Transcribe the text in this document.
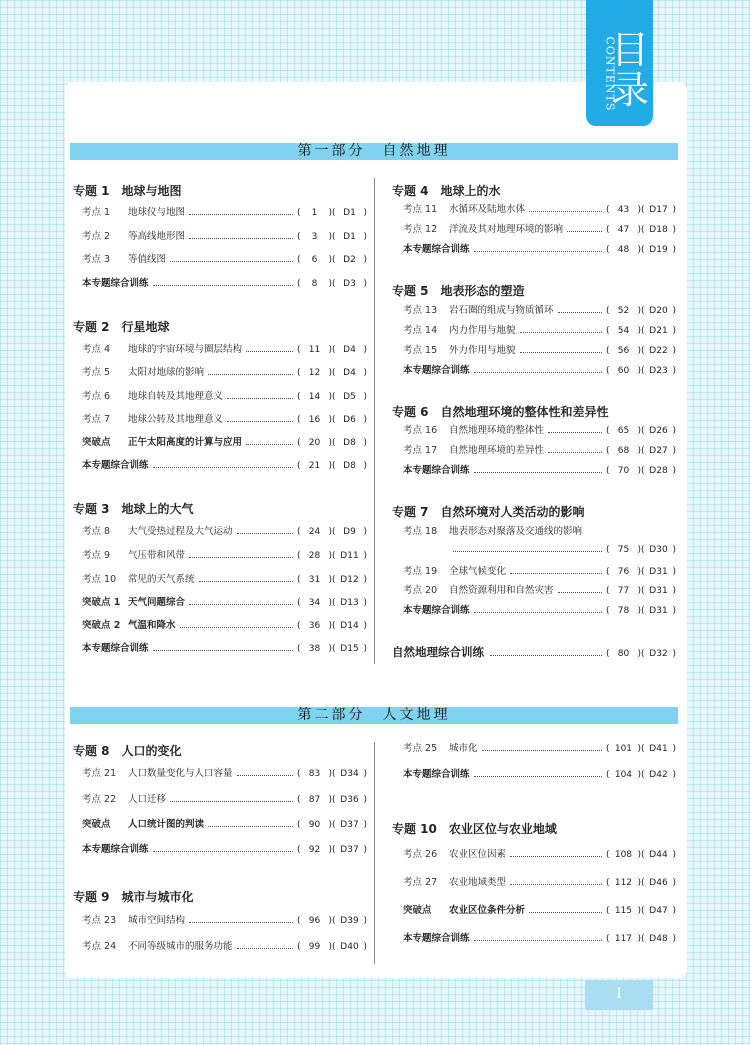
目录
CONTENTS
第一部分　自然地理
第二部分　人文地理
专题 1　地球与地图
考点 1	地球仪与地图	( 1 )( D1 )
考点 2	等高线地形图	( 3 )( D1 )
考点 3	等值线图	( 6 )( D2 )
本专题综合训练	( 8 )( D3 )
专题 2　行星地球
考点 4	地球的宇宙环境与圈层结构	( 11 )( D4 )
考点 5	太阳对地球的影响	( 12 )( D4 )
考点 6	地球自转及其地理意义	( 14 )( D5 )
考点 7	地球公转及其地理意义	( 16 )( D6 )
突破点	正午太阳高度的计算与应用	( 20 )( D8 )
本专题综合训练	( 21 )( D8 )
专题 3　地球上的大气
考点 8	大气受热过程及大气运动	( 24 )( D9 )
考点 9	气压带和风带	( 28 )( D11 )
考点 10	常见的天气系统	( 31 )( D12 )
突破点 1 天气问题综合	( 34 )( D13 )
突破点 2 气温和降水	( 36 )( D14 )
本专题综合训练	( 38 )( D15 )
专题 4　地球上的水
考点 11	水循环及陆地水体	( 43 )( D17 )
考点 12	洋流及其对地理环境的影响	( 47 )( D18 )
本专题综合训练	( 48 )( D19 )
专题 5　地表形态的塑造
考点 13	岩石圈的组成与物质循环	( 52 )( D20 )
考点 14	内力作用与地貌	( 54 )( D21 )
考点 15	外力作用与地貌	( 56 )( D22 )
本专题综合训练	( 60 )( D23 )
专题 6　自然地理环境的整体性和差异性
考点 16	自然地理环境的整体性	( 65 )( D26 )
考点 17	自然地理环境的差异性	( 68 )( D27 )
本专题综合训练	( 70 )( D28 )
专题 7　自然环境对人类活动的影响
考点 18	地表形态对聚落及交通线的影响
( 75 )( D30 )
考点 19	全球气候变化	( 76 )( D31 )
考点 20	自然资源利用和自然灾害	( 77 )( D31 )
本专题综合训练	( 78 )( D31 )
自然地理综合训练	( 80 )( D32 )
专题 8　人口的变化
考点 21	人口数量变化与人口容量	( 83 )( D34 )
考点 22	人口迁移	( 87 )( D36 )
突破点	人口统计图的判读	( 90 )( D37 )
本专题综合训练	( 92 )( D37 )
专题 9　城市与城市化
考点 23	城市空间结构	( 96 )( D39 )
考点 24	不同等级城市的服务功能	( 99 )( D40 )
考点 25	城市化	( 101 )( D41 )
本专题综合训练	( 104 )( D42 )
专题 10　农业区位与农业地域
考点 26	农业区位因素	( 108 )( D44 )
考点 27	农业地域类型	( 112 )( D46 )
突破点	农业区位条件分析	( 115 )( D47 )
本专题综合训练	( 117 )( D48 )
I
